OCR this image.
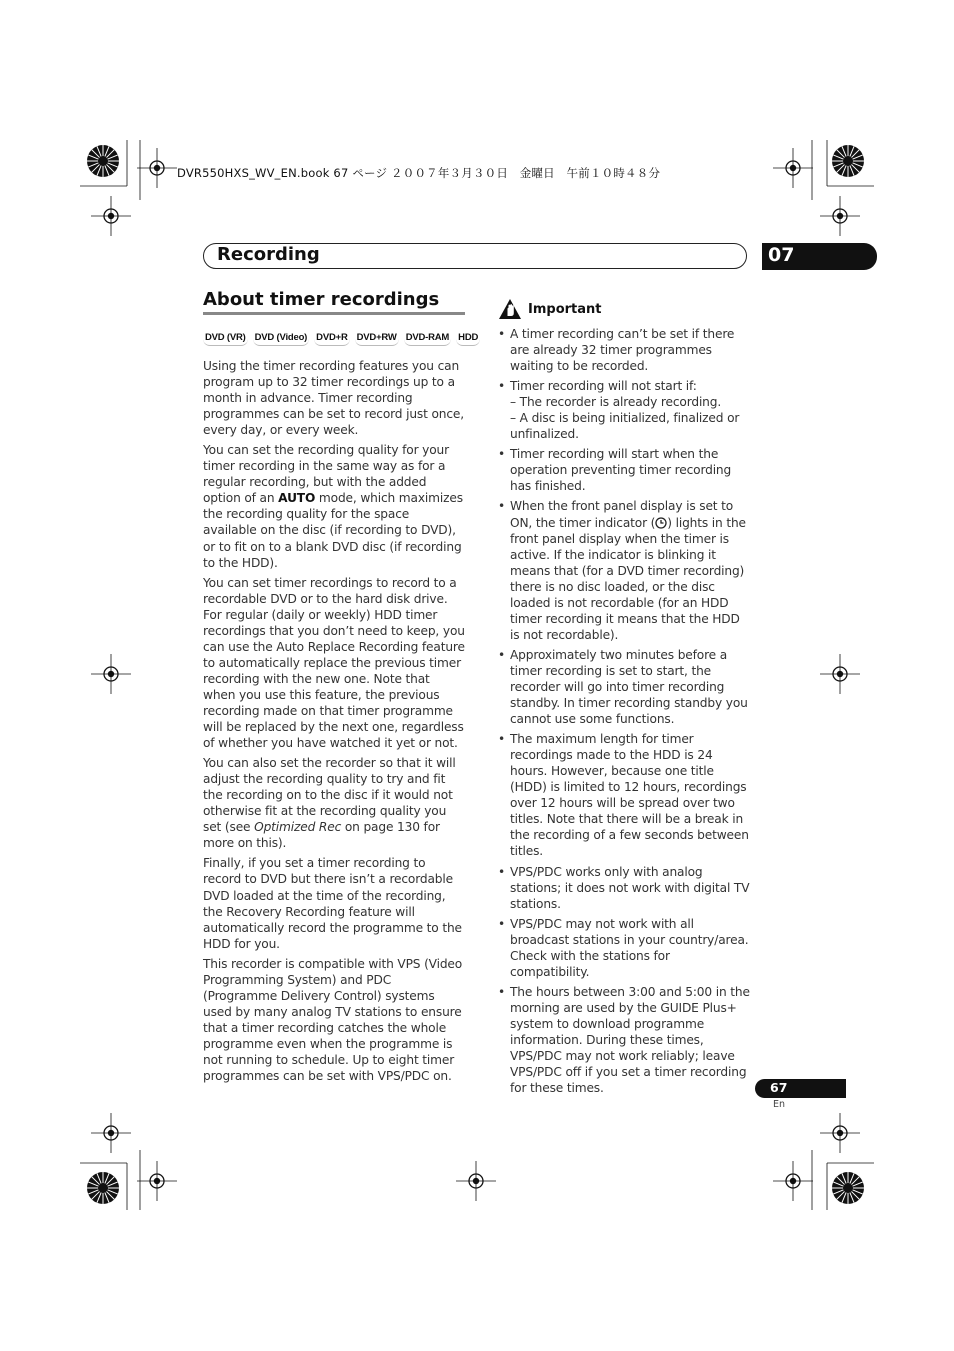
DVR550HXS_WV_EN.book 67 ページ ２００７年３月３０日　金曜日　午前１０時４８分
Recording	07
About timer recordings
DVD (VR) DVD (Video) DVD+R DVD+RW DVD-RAM HDD

Using the timer recording features you can program up to 32 timer recordings up to a month in advance. Timer recording programmes can be set to record just once, every day, or every week.

You can set the recording quality for your timer recording in the same way as for a regular recording, but with the added option of an AUTO mode, which maximizes the recording quality for the space available on the disc (if recording to DVD), or to fit on to a blank DVD disc (if recording to the HDD).

You can set timer recordings to record to a recordable DVD or to the hard disk drive. For regular (daily or weekly) HDD timer recordings that you don’t need to keep, you can use the Auto Replace Recording feature to automatically replace the previous timer recording with the new one. Note that when you use this feature, the previous recording made on that timer programme will be replaced by the next one, regardless of whether you have watched it yet or not.

You can also set the recorder so that it will adjust the recording quality to try and fit the recording on to the disc if it would not otherwise fit at the recording quality you set (see Optimized Rec on page 130 for more on this).

Finally, if you set a timer recording to record to DVD but there isn’t a recordable DVD loaded at the time of the recording, the Recovery Recording feature will automatically record the programme to the HDD for you.

This recorder is compatible with VPS (Video Programming System) and PDC (Programme Delivery Control) systems used by many analog TV stations to ensure that a timer recording catches the whole programme even when the programme is not running to schedule. Up to eight timer programmes can be set with VPS/PDC on.

Important
• A timer recording can’t be set if there are already 32 timer programmes waiting to be recorded.
• Timer recording will not start if:
– The recorder is already recording.
– A disc is being initialized, finalized or unfinalized.
• Timer recording will start when the operation preventing timer recording has finished.
• When the front panel display is set to ON, the timer indicator ( ) lights in the front panel display when the timer is active. If the indicator is blinking it means that (for a DVD timer recording) there is no disc loaded, or the disc loaded is not recordable (for an HDD timer recording it means that the HDD is not recordable).
• Approximately two minutes before a timer recording is set to start, the recorder will go into timer recording standby. In timer recording standby you cannot use some functions.
• The maximum length for timer recordings made to the HDD is 24 hours. However, because one title (HDD) is limited to 12 hours, recordings over 12 hours will be spread over two titles. Note that there will be a break in the recording of a few seconds between titles.
• VPS/PDC works only with analog stations; it does not work with digital TV stations.
• VPS/PDC may not work with all broadcast stations in your country/area. Check with the stations for compatibility.
• The hours between 3:00 and 5:00 in the morning are used by the GUIDE Plus+ system to download programme information. During these times, VPS/PDC may not work reliably; leave VPS/PDC off if you set a timer recording for these times.	67
En
